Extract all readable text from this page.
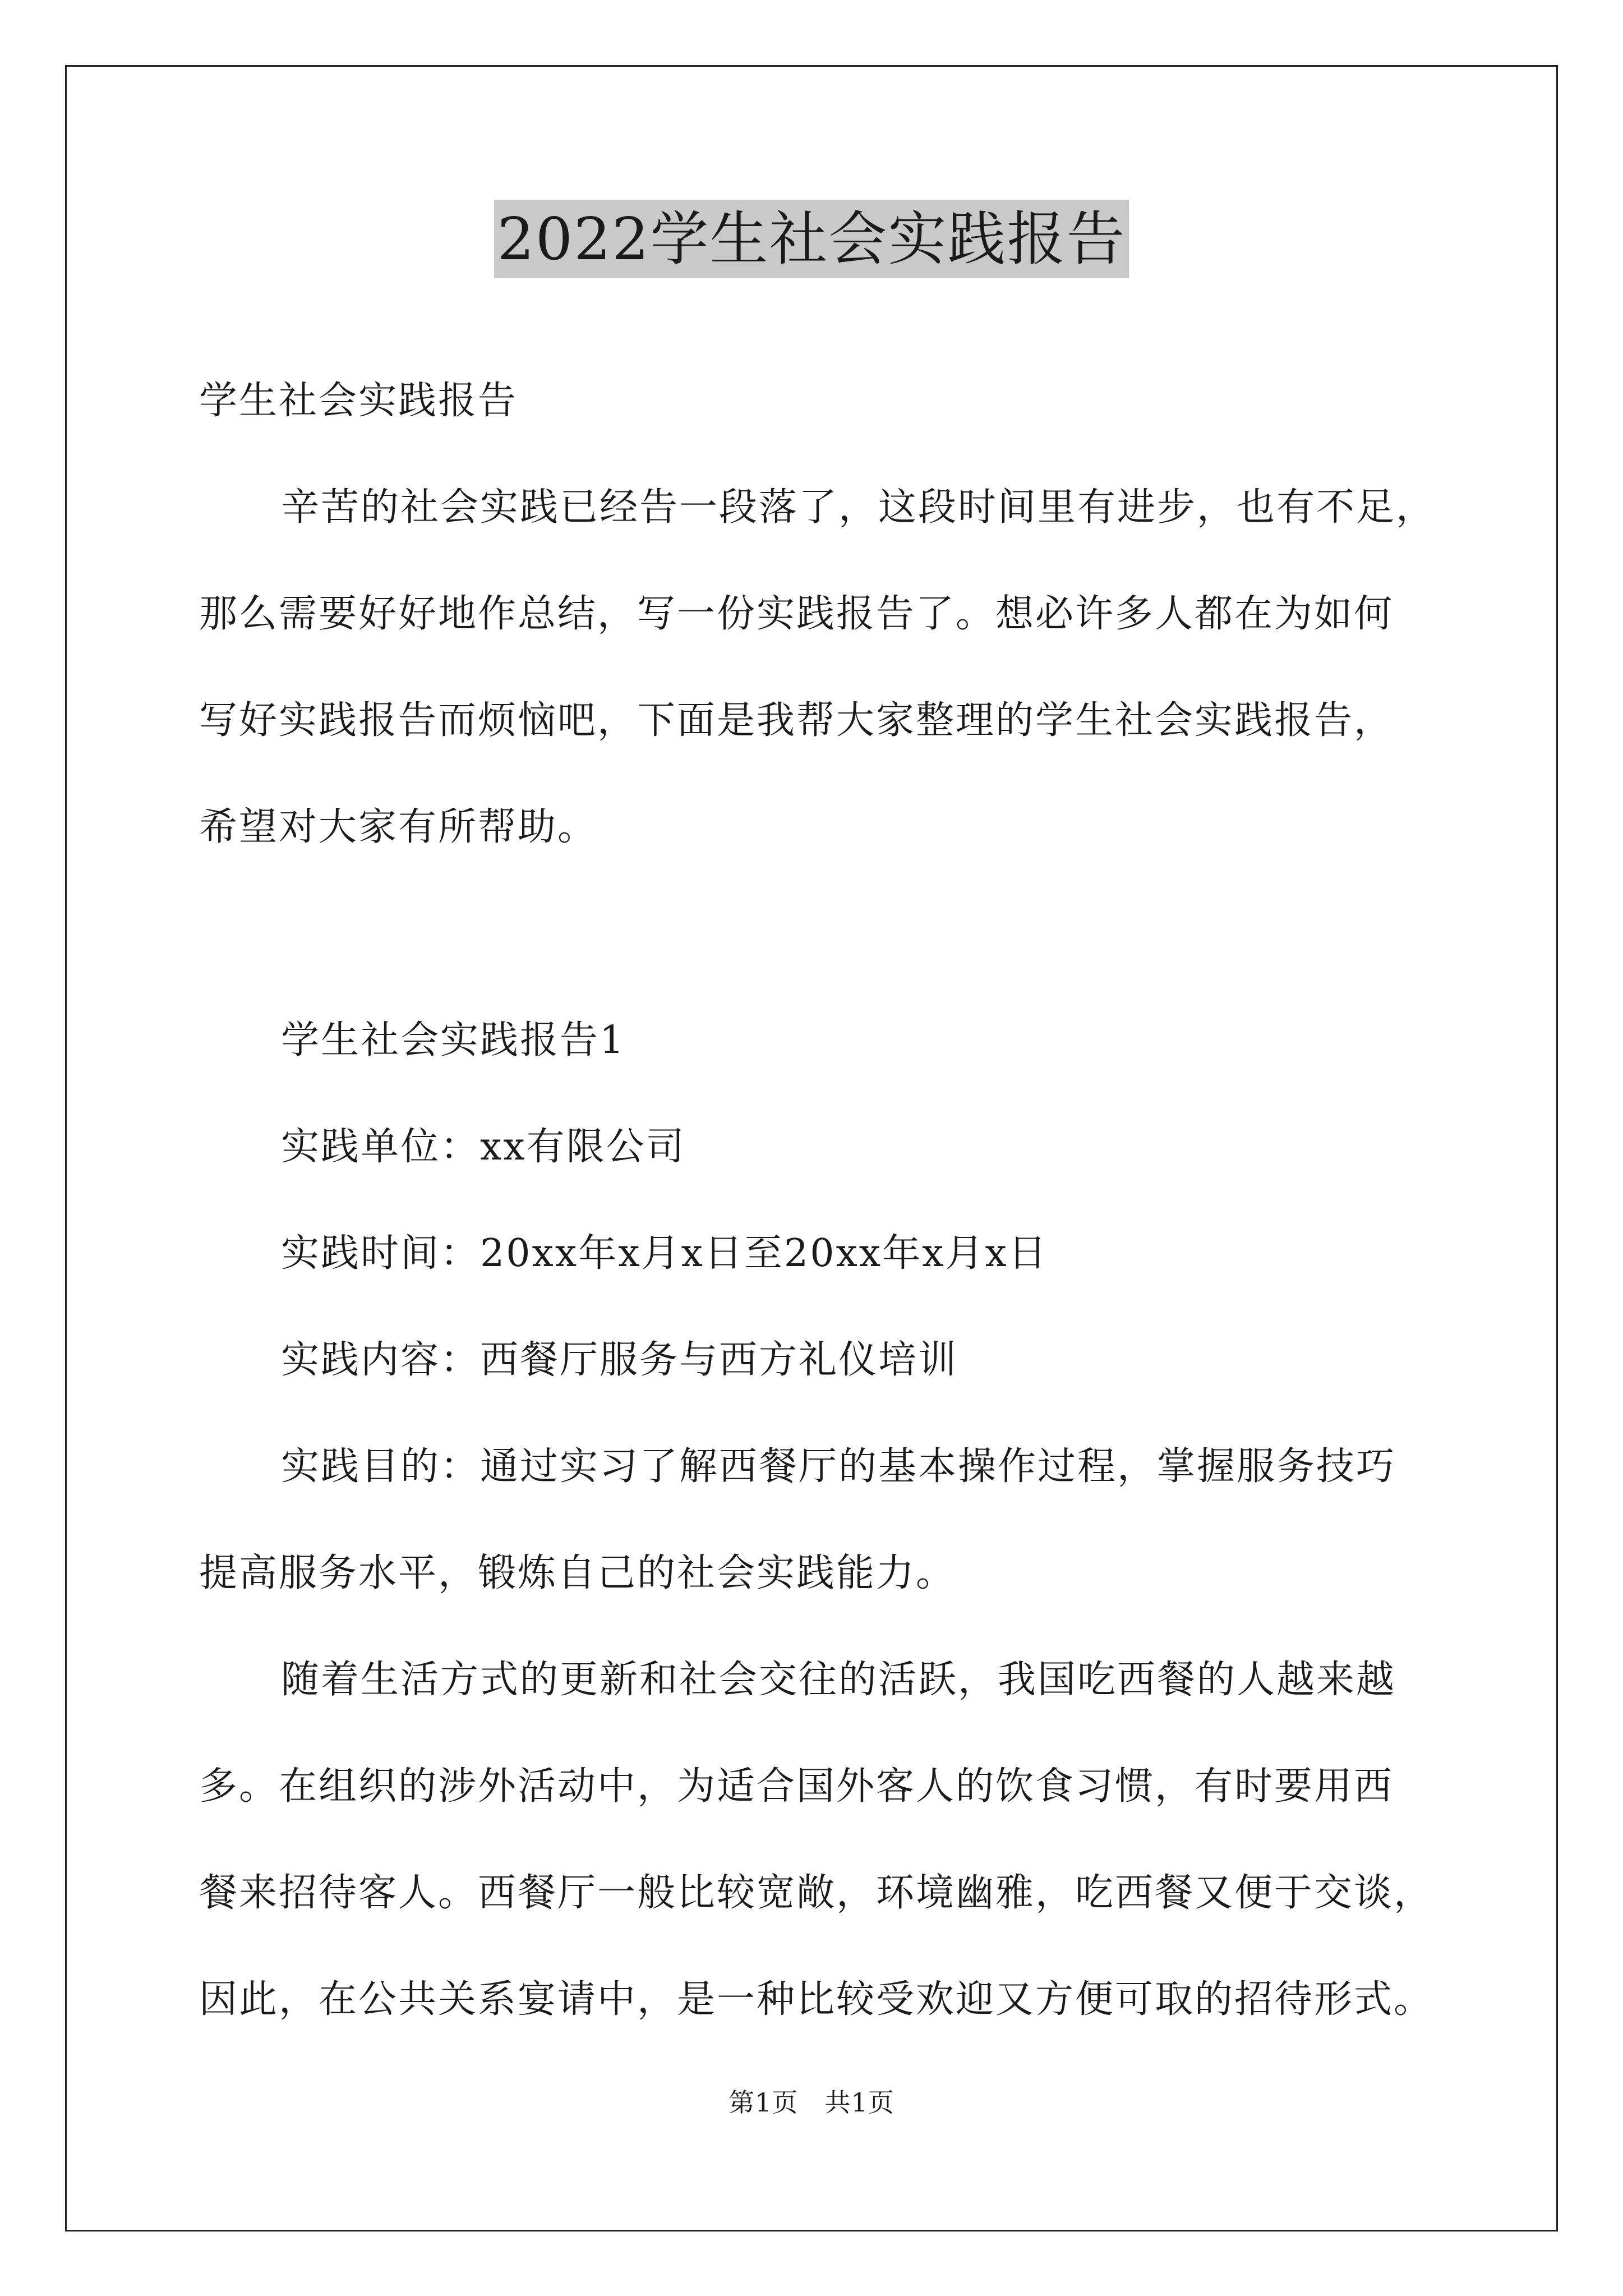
2022学生社会实践报告
学生社会实践报告
辛苦的社会实践已经告一段落了，这段时间里有进步，也有不足，
那么需要好好地作总结，写一份实践报告了。想必许多人都在为如何
写好实践报告而烦恼吧，下面是我帮大家整理的学生社会实践报告，
希望对大家有所帮助。
学生社会实践报告1
实践单位：xx有限公司
实践时间：20xx年x月x日至20xx年x月x日
实践内容：西餐厅服务与西方礼仪培训
实践目的：通过实习了解西餐厅的基本操作过程，掌握服务技巧
提高服务水平，锻炼自己的社会实践能力。
随着生活方式的更新和社会交往的活跃，我国吃西餐的人越来越
多。在组织的涉外活动中，为适合国外客人的饮食习惯，有时要用西
餐来招待客人。西餐厅一般比较宽敞，环境幽雅，吃西餐又便于交谈，
因此，在公共关系宴请中，是一种比较受欢迎又方便可取的招待形式。
第1页　共1页
